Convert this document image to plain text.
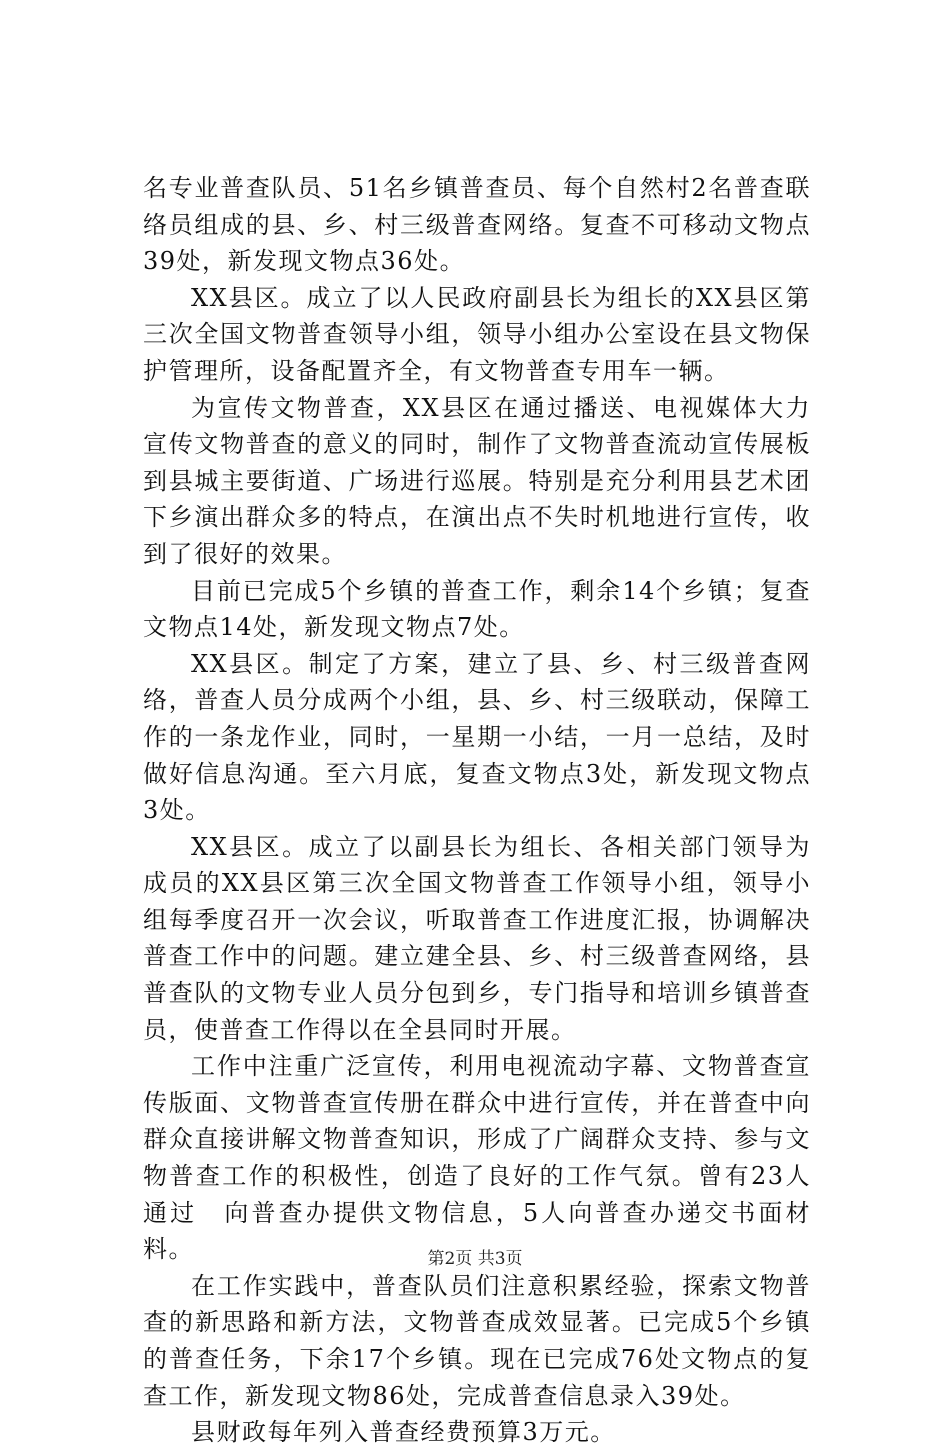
名专业普查队员、51名乡镇普查员、每个自然村2名普查联络员组成的县、乡、村三级普查网络。复查不可移动文物点39处，新发现文物点36处。

XX县区。成立了以人民政府副县长为组长的XX县区第三次全国文物普查领导小组，领导小组办公室设在县文物保护管理所，设备配置齐全，有文物普查专用车一辆。

为宣传文物普查，XX县区在通过播送、电视媒体大力宣传文物普查的意义的同时，制作了文物普查流动宣传展板到县城主要街道、广场进行巡展。特别是充分利用县艺术团下乡演出群众多的特点，在演出点不失时机地进行宣传，收到了很好的效果。

目前已完成5个乡镇的普查工作，剩余14个乡镇；复查文物点14处，新发现文物点7处。

XX县区。制定了方案，建立了县、乡、村三级普查网络，普查人员分成两个小组，县、乡、村三级联动，保障工作的一条龙作业，同时，一星期一小结，一月一总结，及时做好信息沟通。至六月底，复查文物点3处，新发现文物点3处。

XX县区。成立了以副县长为组长、各相关部门领导为成员的XX县区第三次全国文物普查工作领导小组，领导小组每季度召开一次会议，听取普查工作进度汇报，协调解决普查工作中的问题。建立建全县、乡、村三级普查网络，县普查队的文物专业人员分包到乡，专门指导和培训乡镇普查员，使普查工作得以在全县同时开展。

工作中注重广泛宣传，利用电视流动字幕、文物普查宣传版面、文物普查宣传册在群众中进行宣传，并在普查中向群众直接讲解文物普查知识，形成了广阔群众支持、参与文物普查工作的积极性，创造了良好的工作气氛。曾有23人通过　向普查办提供文物信息，5人向普查办递交书面材料。

在工作实践中，普查队员们注意积累经验，探索文物普查的新思路和新方法，文物普查成效显著。已完成5个乡镇的普查任务，下余17个乡镇。现在已完成76处文物点的复查工作，新发现文物86处，完成普查信息录入39处。

县财政每年列入普查经费预算3万元。

第2页 共3页
